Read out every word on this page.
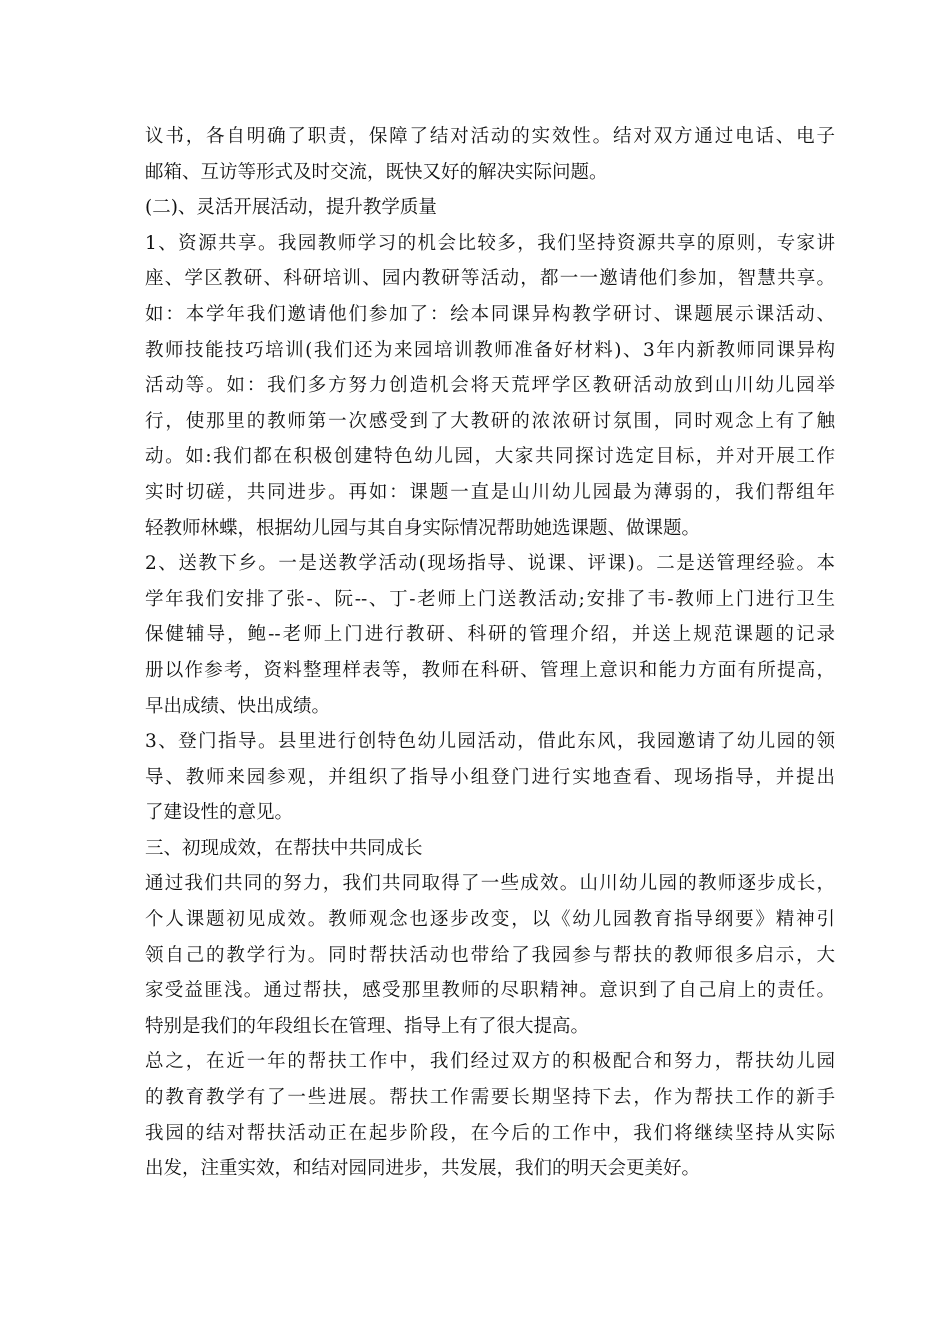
议书，各自明确了职责，保障了结对活动的实效性。结对双方通过电话、电子
邮箱、互访等形式及时交流，既快又好的解决实际问题。
(二)、灵活开展活动，提升教学质量
1、资源共享。我园教师学习的机会比较多，我们坚持资源共享的原则，专家讲
座、学区教研、科研培训、园内教研等活动，都一一邀请他们参加，智慧共享。
如：本学年我们邀请他们参加了：绘本同课异构教学研讨、课题展示课活动、
教师技能技巧培训(我们还为来园培训教师准备好材料)、3年内新教师同课异构
活动等。如：我们多方努力创造机会将天荒坪学区教研活动放到山川幼儿园举
行，使那里的教师第一次感受到了大教研的浓浓研讨氛围，同时观念上有了触
动。如:我们都在积极创建特色幼儿园，大家共同探讨选定目标，并对开展工作
实时切磋，共同进步。再如：课题一直是山川幼儿园最为薄弱的，我们帮组年
轻教师林蝶，根据幼儿园与其自身实际情况帮助她选课题、做课题。
2、送教下乡。一是送教学活动(现场指导、说课、评课)。二是送管理经验。本
学年我们安排了张-、阮--、丁-老师上门送教活动;安排了韦-教师上门进行卫生
保健辅导，鲍--老师上门进行教研、科研的管理介绍，并送上规范课题的记录
册以作参考，资料整理样表等，教师在科研、管理上意识和能力方面有所提高，
早出成绩、快出成绩。
3、登门指导。县里进行创特色幼儿园活动，借此东风，我园邀请了幼儿园的领
导、教师来园参观，并组织了指导小组登门进行实地查看、现场指导，并提出
了建设性的意见。
三、初现成效，在帮扶中共同成长
通过我们共同的努力，我们共同取得了一些成效。山川幼儿园的教师逐步成长，
个人课题初见成效。教师观念也逐步改变，以《幼儿园教育指导纲要》精神引
领自己的教学行为。同时帮扶活动也带给了我园参与帮扶的教师很多启示，大
家受益匪浅。通过帮扶，感受那里教师的尽职精神。意识到了自己肩上的责任。
特别是我们的年段组长在管理、指导上有了很大提高。
总之，在近一年的帮扶工作中，我们经过双方的积极配合和努力，帮扶幼儿园
的教育教学有了一些进展。帮扶工作需要长期坚持下去，作为帮扶工作的新手
我园的结对帮扶活动正在起步阶段，在今后的工作中，我们将继续坚持从实际
出发，注重实效，和结对园同进步，共发展，我们的明天会更美好。
